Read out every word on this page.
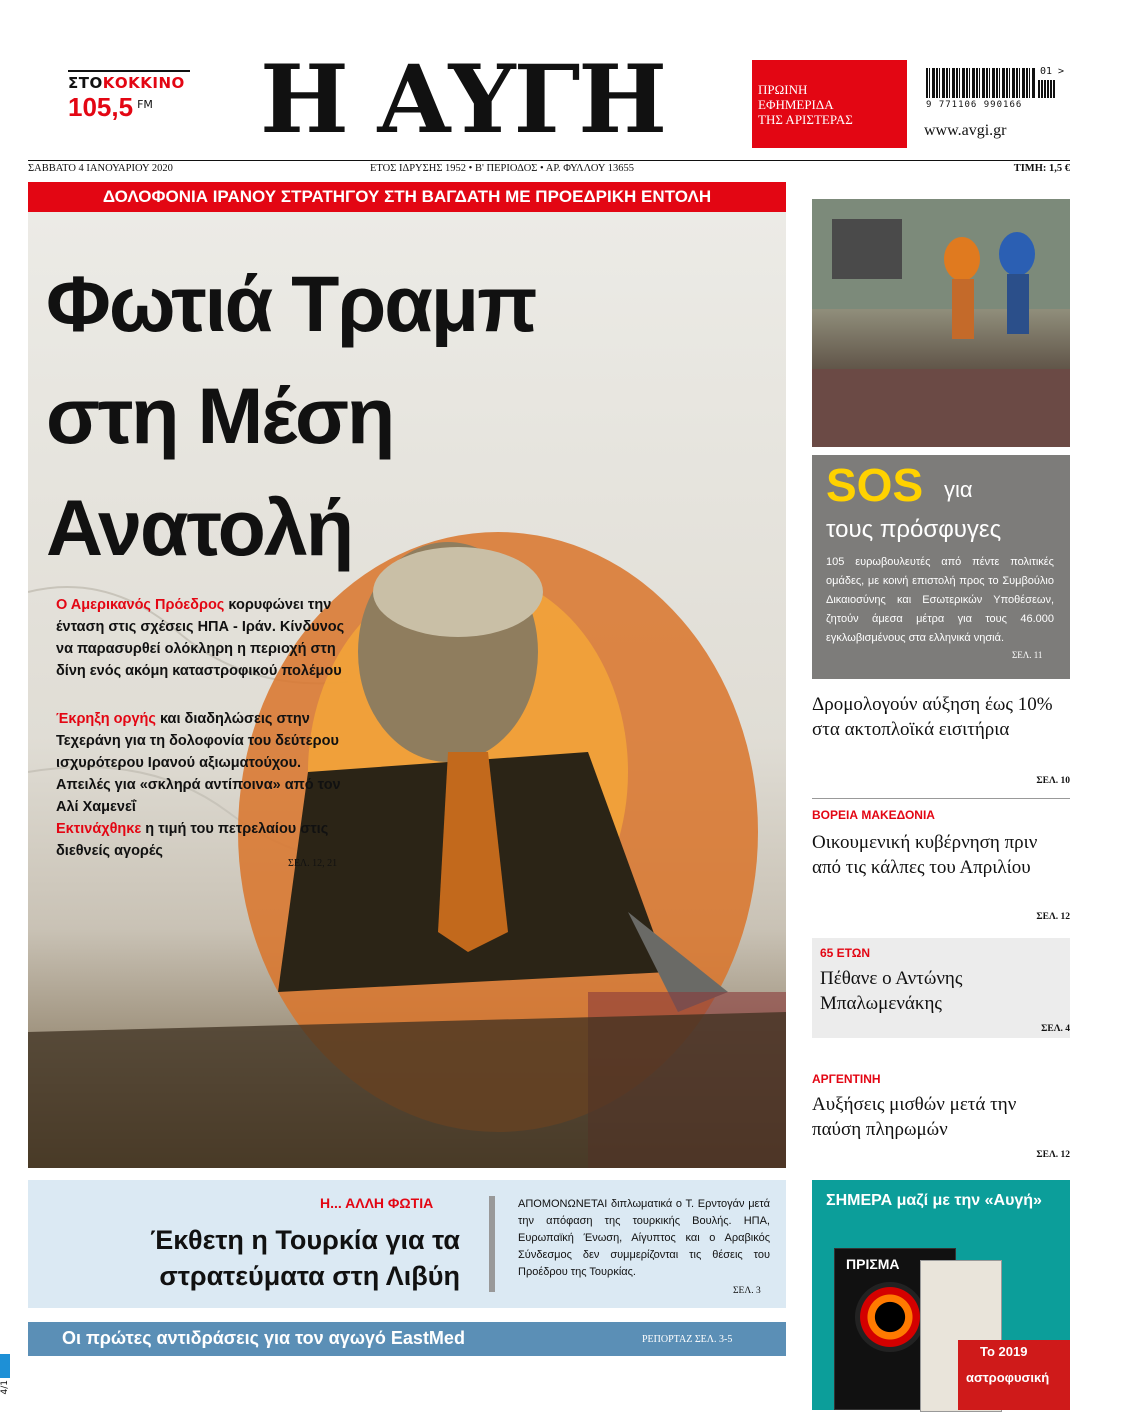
ΣΤΟΚΟΚΚΙΝΟ
105,5 FM	Η ΑΥΓΗ	ΠΡΩΙΝΗ
ΕΦΗΜΕΡΙΔΑ
ΤΗΣ ΑΡΙΣΤΕΡΑΣ
01 >
9 771106 990166
www.avgi.gr
ΣΑΒΒΑΤΟ 4 ΙΑΝΟΥΑΡΙΟΥ 2020	ΕΤΟΣ ΙΔΡΥΣΗΣ 1952 • Β' ΠΕΡΙΟΔΟΣ • ΑΡ. ΦΥΛΛΟΥ 13655	ΤΙΜΗ: 1,5 €
ΔΟΛΟΦΟΝΙΑ ΙΡΑΝΟΥ ΣΤΡΑΤΗΓΟΥ ΣΤΗ ΒΑΓΔΑΤΗ ΜΕ ΠΡΟΕΔΡΙΚΗ ΕΝΤΟΛΗ
Φωτιά Τραμπ
στη Μέση
Ανατολή
Ο Αμερικανός Πρόεδρος κορυφώνει την ένταση στις σχέσεις ΗΠΑ - Ιράν. Κίνδυνος να παρασυρθεί ολόκληρη η περιοχή στη δίνη ενός ακόμη καταστροφικού πολέμου
Έκρηξη οργής και διαδηλώσεις στην Τεχεράνη για τη δολοφονία του δεύτερου ισχυρότερου Ιρανού αξιωματούχου. Απειλές για «σκληρά αντίποινα» από τον Αλί Χαμενεΐ
Εκτινάχθηκε η τιμή του πετρελαίου στις διεθνείς αγορές
ΣΕΛ. 12, 21
SOS για
τους πρόσφυγες
105 ευρωβουλευτές από πέντε πολιτικές ομάδες, με κοινή επιστολή προς το Συμβούλιο Δικαιοσύνης και Εσωτερικών Υποθέσεων, ζητούν άμεσα μέτρα για τους 46.000 εγκλωβισμένους στα ελληνικά νησιά.
ΣΕΛ. 11
Δρομολογούν αύξηση έως 10% στα ακτοπλοϊκά εισιτήρια
ΣΕΛ. 10
ΒΟΡΕΙΑ ΜΑΚΕΔΟΝΙΑ
Οικουμενική κυβέρνηση πριν από τις κάλπες του Απριλίου
ΣΕΛ. 12
65 ΕΤΩΝ
Πέθανε ο Αντώνης Μπαλωμενάκης
ΣΕΛ. 4
ΑΡΓΕΝΤΙΝΗ
Αυξήσεις μισθών μετά την παύση πληρωμών
ΣΕΛ. 12
ΣΗΜΕΡΑ μαζί με την «Αυγή»
ΠΡΙΣΜΑ
Το 2019
αστροφυσική
Η... ΑΛΛΗ ΦΩΤΙΑ
Έκθετη η Τουρκία για τα στρατεύματα στη Λιβύη
ΑΠΟΜΟΝΩΝΕΤΑΙ διπλωματικά ο Τ. Ερντογάν μετά την απόφαση της τουρκικής Βουλής. ΗΠΑ, Ευρωπαϊκή Ένωση, Αίγυπτος και ο Αραβικός Σύνδεσμος δεν συμμερίζονται τις θέσεις του Προέδρου της Τουρκίας.
ΣΕΛ. 3
Οι πρώτες αντιδράσεις για τον αγωγό EastMed	ΡΕΠΟΡΤΑΖ ΣΕΛ. 3-5
4/1
